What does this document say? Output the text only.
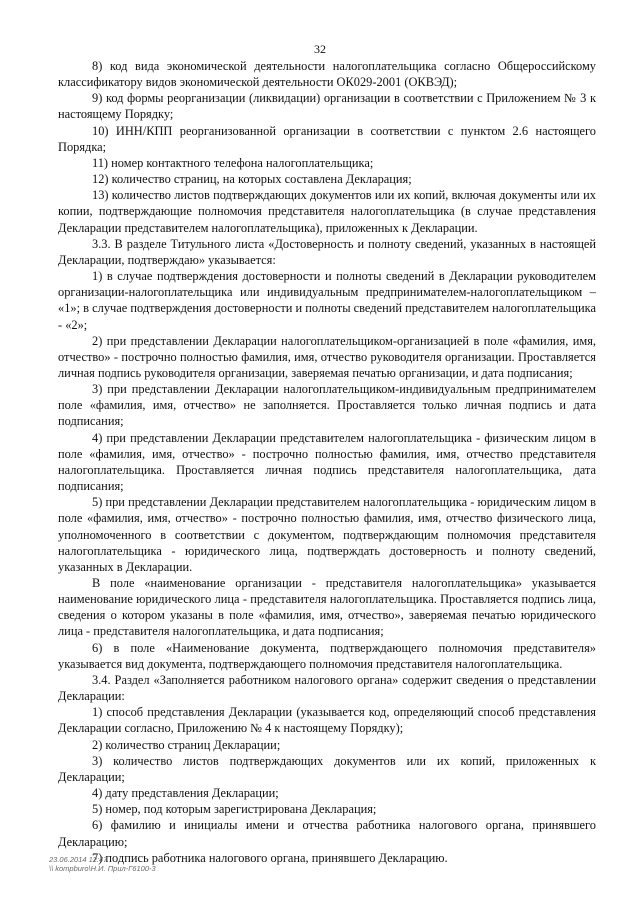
32

8) код вида экономической деятельности налогоплательщика согласно Общероссийскому классификатору видов экономической деятельности ОК029-2001 (ОКВЭД);

9) код формы реорганизации (ликвидации) организации в соответствии с Приложением № 3 к настоящему Порядку;

10) ИНН/КПП реорганизованной организации в соответствии с пунктом 2.6 настоящего Порядка;

11) номер контактного телефона налогоплательщика;

12) количество страниц, на которых составлена Декларация;

13) количество листов подтверждающих документов или их копий, включая документы или их копии, подтверждающие полномочия представителя налогоплательщика (в случае представления Декларации представителем налогоплательщика), приложенных к Декларации.

3.3. В разделе Титульного листа «Достоверность и полноту сведений, указанных в настоящей Декларации, подтверждаю» указывается:

1) в случае подтверждения достоверности и полноты сведений в Декларации руководителем организации-налогоплательщика или индивидуальным предпринимателем-налогоплательщиком – «1»; в случае подтверждения достоверности и полноты сведений представителем налогоплательщика - «2»;

2) при представлении Декларации налогоплательщиком-организацией в поле «фамилия, имя, отчество» - построчно полностью фамилия, имя, отчество руководителя организации. Проставляется личная подпись руководителя организации, заверяемая печатью организации, и дата подписания;

3) при представлении Декларации налогоплательщиком-индивидуальным предпринимателем поле «фамилия, имя, отчество» не заполняется. Проставляется только личная подпись и дата подписания;

4) при представлении Декларации представителем налогоплательщика - физическим лицом в поле «фамилия, имя, отчество» - построчно полностью фамилия, имя, отчество представителя налогоплательщика. Проставляется личная подпись представителя налогоплательщика, дата подписания;

5) при представлении Декларации представителем налогоплательщика - юридическим лицом в поле «фамилия, имя, отчество» - построчно полностью фамилия, имя, отчество физического лица, уполномоченного в соответствии с документом, подтверждающим полномочия представителя налогоплательщика - юридического лица, подтверждать достоверность и полноту сведений, указанных в Декларации.

В поле «наименование организации - представителя налогоплательщика» указывается наименование юридического лица - представителя налогоплательщика. Проставляется подпись лица, сведения о котором указаны в поле «фамилия, имя, отчество», заверяемая печатью юридического лица - представителя налогоплательщика, и дата подписания;

6) в поле «Наименование документа, подтверждающего полномочия представителя» указывается вид документа, подтверждающего полномочия представителя налогоплательщика.

3.4. Раздел «Заполняется работником налогового органа» содержит сведения о представлении Декларации:

1) способ представления Декларации (указывается код, определяющий способ представления Декларации согласно, Приложению № 4 к настоящему Порядку);

2) количество страниц Декларации;

3) количество листов подтверждающих документов или их копий, приложенных к Декларации;

4) дату представления Декларации;

5) номер, под которым зарегистрирована Декларация;

6) фамилию и инициалы имени и отчества работника налогового органа, принявшего Декларацию;

7) подпись работника налогового органа, принявшего Декларацию.

23.06.2014 12:47
\\ kompburo\Н.И. Прил-Г6100-3
